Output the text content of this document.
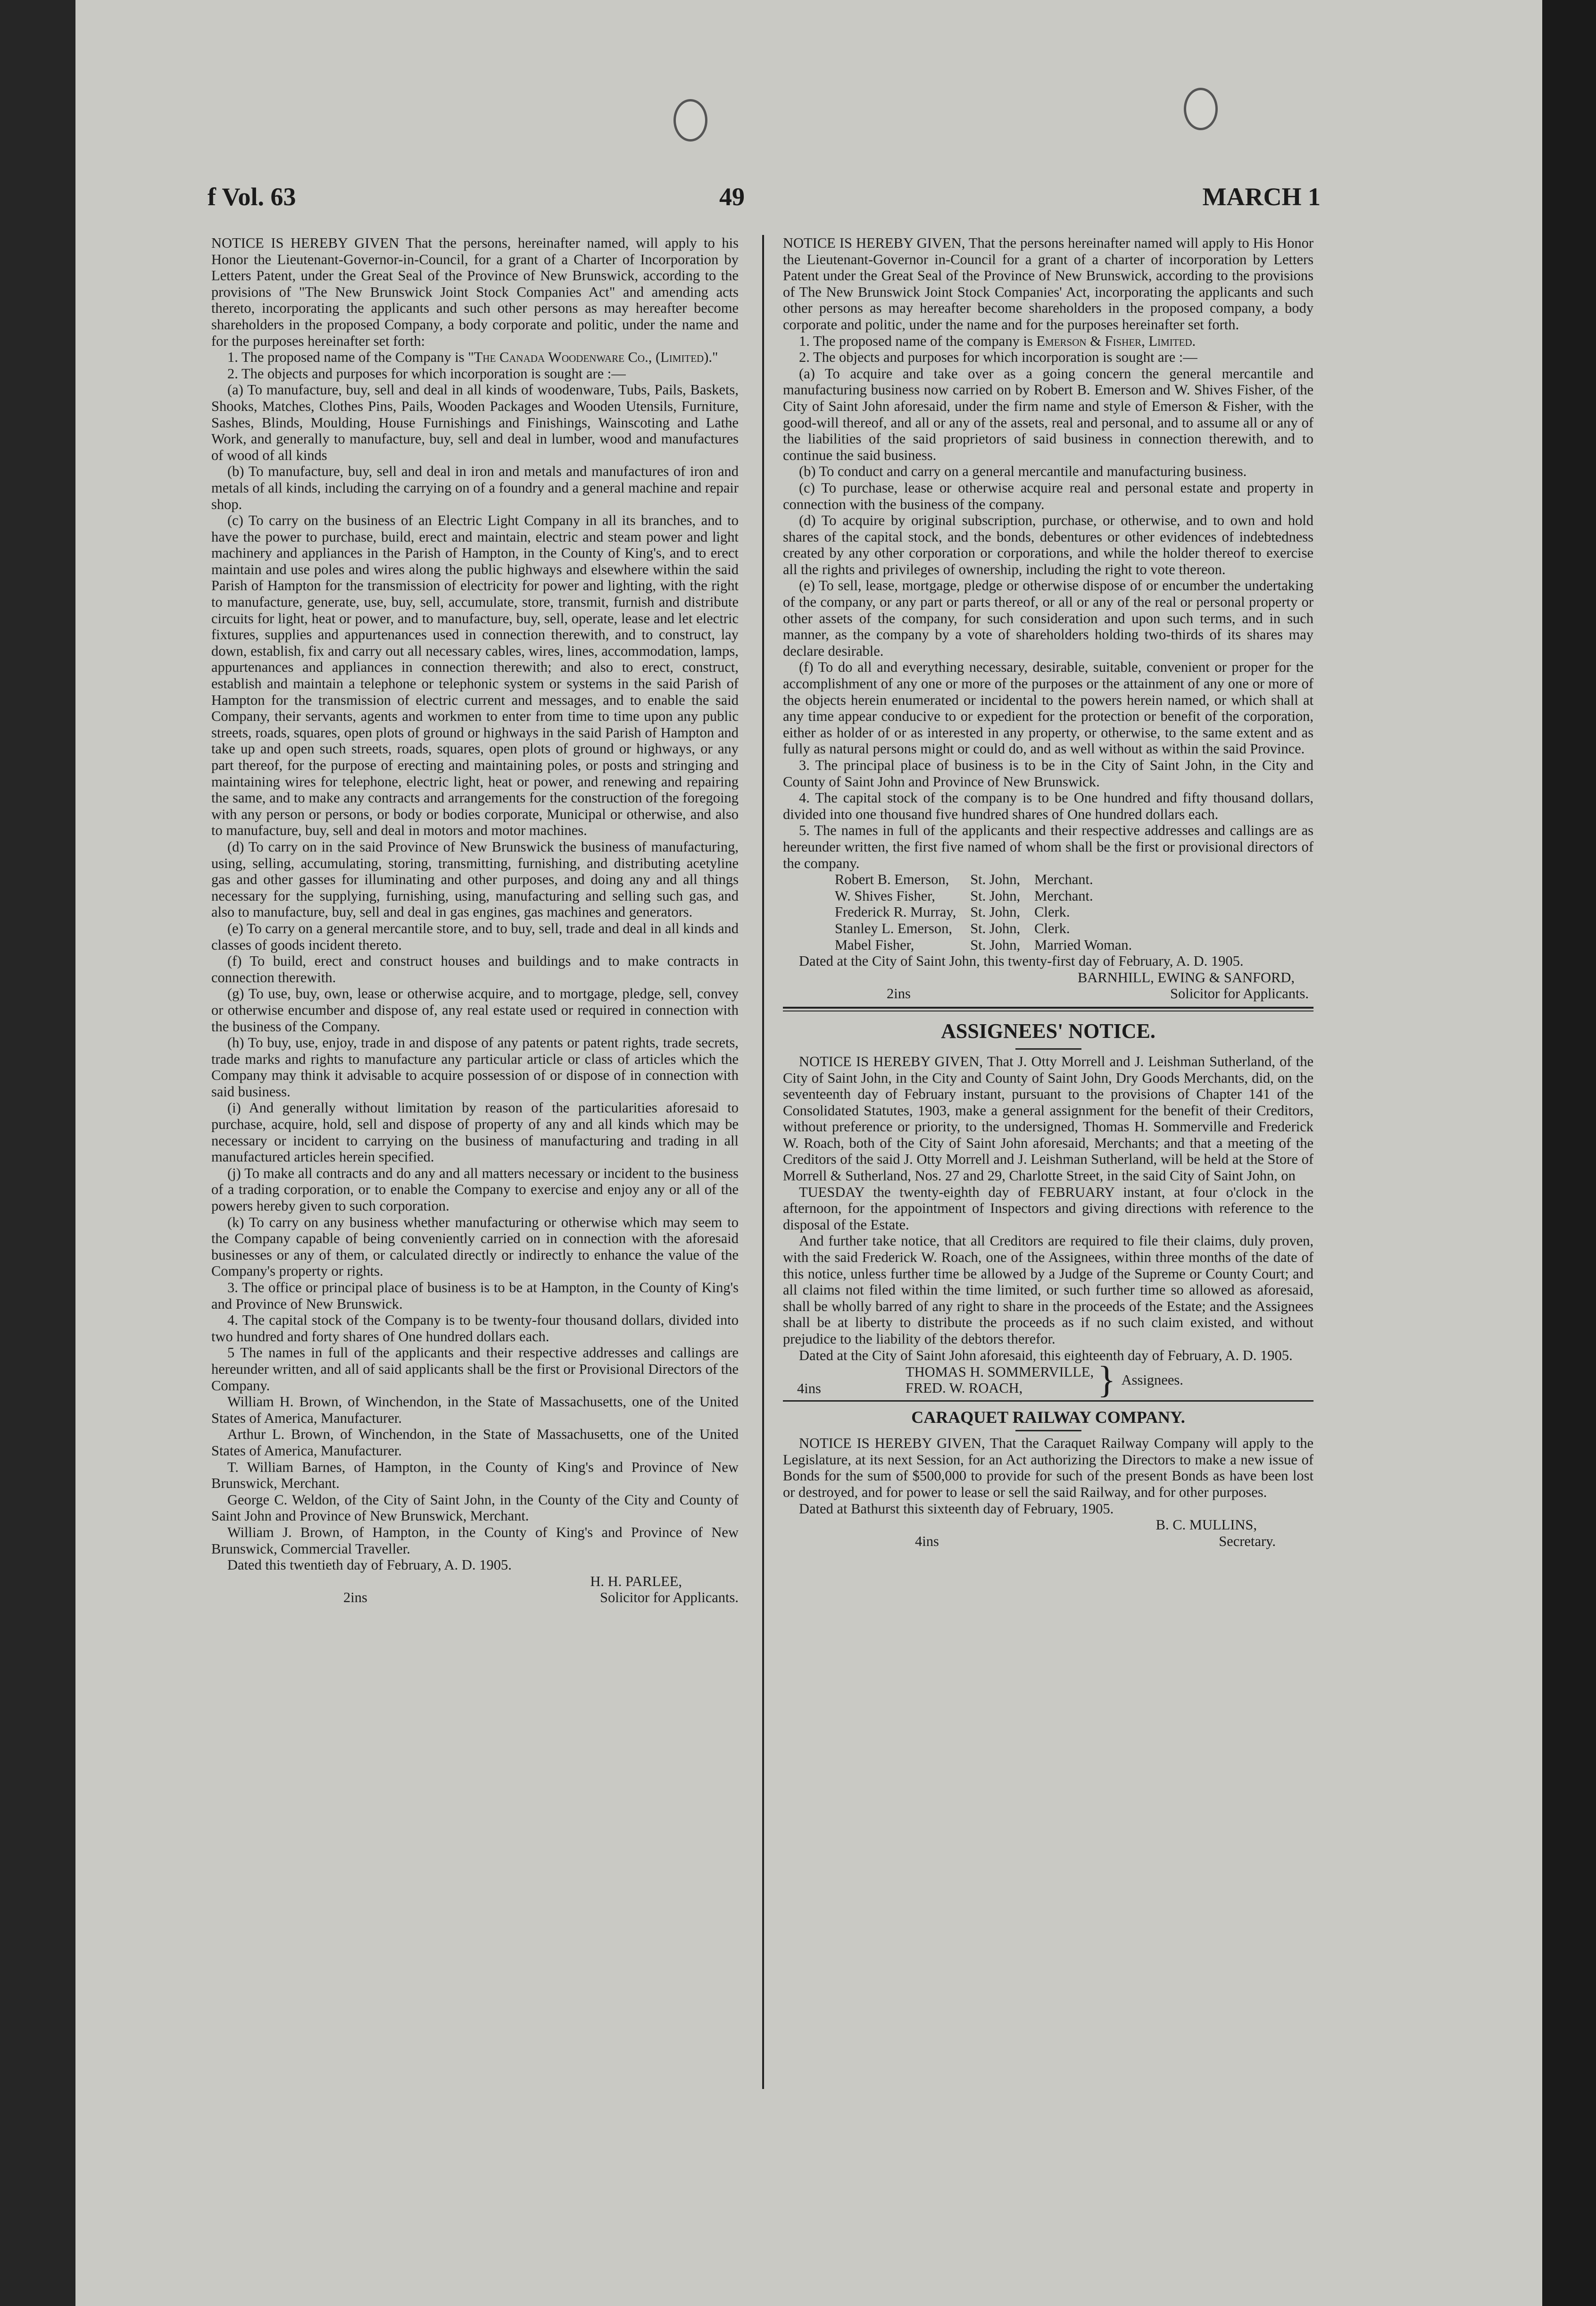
f Vol. 63	49	MARCH 1

NOTICE IS HEREBY GIVEN That the persons, hereinafter named, will apply to his Honor the Lieutenant-Governor-in-Council, for a grant of a Charter of Incorporation by Letters Patent, under the Great Seal of the Province of New Brunswick, according to the provisions of "The New Brunswick Joint Stock Companies Act" and amending acts thereto, incorporating the applicants and such other persons as may hereafter become shareholders in the proposed Company, a body corporate and politic, under the name and for the purposes hereinafter set forth:

1. The proposed name of the Company is "The Canada Woodenware Co., (Limited)."

2. The objects and purposes for which incorporation is sought are :—

(a) To manufacture, buy, sell and deal in all kinds of woodenware, Tubs, Pails, Baskets, Shooks, Matches, Clothes Pins, Pails, Wooden Packages and Wooden Utensils, Furniture, Sashes, Blinds, Moulding, House Furnishings and Finishings, Wainscoting and Lathe Work, and generally to manufacture, buy, sell and deal in lumber, wood and manufactures of wood of all kinds

(b) To manufacture, buy, sell and deal in iron and metals and manufactures of iron and metals of all kinds, including the carrying on of a foundry and a general machine and repair shop.

(c) To carry on the business of an Electric Light Company in all its branches, and to have the power to purchase, build, erect and maintain, electric and steam power and light machinery and appliances in the Parish of Hampton, in the County of King's, and to erect maintain and use poles and wires along the public highways and elsewhere within the said Parish of Hampton for the transmission of electricity for power and lighting, with the right to manufacture, generate, use, buy, sell, accumulate, store, transmit, furnish and distribute circuits for light, heat or power, and to manufacture, buy, sell, operate, lease and let electric fixtures, supplies and appurtenances used in connection therewith, and to construct, lay down, establish, fix and carry out all necessary cables, wires, lines, accommodation, lamps, appurtenances and appliances in connection therewith; and also to erect, construct, establish and maintain a telephone or telephonic system or systems in the said Parish of Hampton for the transmission of electric current and messages, and to enable the said Company, their servants, agents and workmen to enter from time to time upon any public streets, roads, squares, open plots of ground or highways in the said Parish of Hampton and take up and open such streets, roads, squares, open plots of ground or highways, or any part thereof, for the purpose of erecting and maintaining poles, or posts and stringing and maintaining wires for telephone, electric light, heat or power, and renewing and repairing the same, and to make any contracts and arrangements for the construction of the foregoing with any person or persons, or body or bodies corporate, Municipal or otherwise, and also to manufacture, buy, sell and deal in motors and motor machines.

(d) To carry on in the said Province of New Brunswick the business of manufacturing, using, selling, accumulating, storing, transmitting, furnishing, and distributing acetyline gas and other gasses for illuminating and other purposes, and doing any and all things necessary for the supplying, furnishing, using, manufacturing and selling such gas, and also to manufacture, buy, sell and deal in gas engines, gas machines and generators.

(e) To carry on a general mercantile store, and to buy, sell, trade and deal in all kinds and classes of goods incident thereto.

(f) To build, erect and construct houses and buildings and to make contracts in connection therewith.

(g) To use, buy, own, lease or otherwise acquire, and to mortgage, pledge, sell, convey or otherwise encumber and dispose of, any real estate used or required in connection with the business of the Company.

(h) To buy, use, enjoy, trade in and dispose of any patents or patent rights, trade secrets, trade marks and rights to manufacture any particular article or class of articles which the Company may think it advisable to acquire possession of or dispose of in connection with said business.

(i) And generally without limitation by reason of the particularities aforesaid to purchase, acquire, hold, sell and dispose of property of any and all kinds which may be necessary or incident to carrying on the business of manufacturing and trading in all manufactured articles herein specified.

(j) To make all contracts and do any and all matters necessary or incident to the business of a trading corporation, or to enable the Company to exercise and enjoy any or all of the powers hereby given to such corporation.

(k) To carry on any business whether manufacturing or otherwise which may seem to the Company capable of being conveniently carried on in connection with the aforesaid businesses or any of them, or calculated directly or indirectly to enhance the value of the Company's property or rights.

3. The office or principal place of business is to be at Hampton, in the County of King's and Province of New Brunswick.

4. The capital stock of the Company is to be twenty-four thousand dollars, divided into two hundred and forty shares of One hundred dollars each.

5 The names in full of the applicants and their respective addresses and callings are hereunder written, and all of said applicants shall be the first or Provisional Directors of the Company.

William H. Brown, of Winchendon, in the State of Massachusetts, one of the United States of America, Manufacturer.

Arthur L. Brown, of Winchendon, in the State of Massachusetts, one of the United States of America, Manufacturer.

T. William Barnes, of Hampton, in the County of King's and Province of New Brunswick, Merchant.

George C. Weldon, of the City of Saint John, in the County of the City and County of Saint John and Province of New Brunswick, Merchant.

William J. Brown, of Hampton, in the County of King's and Province of New Brunswick, Commercial Traveller.

Dated this twentieth day of February, A. D. 1905.

H. H. PARLEE,

2ins	Solicitor for Applicants.

NOTICE IS HEREBY GIVEN, That the persons hereinafter named will apply to His Honor the Lieutenant-Governor in-Council for a grant of a charter of incorporation by Letters Patent under the Great Seal of the Province of New Brunswick, according to the provisions of The New Brunswick Joint Stock Companies' Act, incorporating the applicants and such other persons as may hereafter become shareholders in the proposed company, a body corporate and politic, under the name and for the purposes hereinafter set forth.

1. The proposed name of the company is Emerson & Fisher, Limited.

2. The objects and purposes for which incorporation is sought are :—

(a) To acquire and take over as a going concern the general mercantile and manufacturing business now carried on by Robert B. Emerson and W. Shives Fisher, of the City of Saint John aforesaid, under the firm name and style of Emerson & Fisher, with the good-will thereof, and all or any of the assets, real and personal, and to assume all or any of the liabilities of the said proprietors of said business in connection therewith, and to continue the said business.

(b) To conduct and carry on a general mercantile and manufacturing business.

(c) To purchase, lease or otherwise acquire real and personal estate and property in connection with the business of the company.

(d) To acquire by original subscription, purchase, or otherwise, and to own and hold shares of the capital stock, and the bonds, debentures or other evidences of indebtedness created by any other corporation or corporations, and while the holder thereof to exercise all the rights and privileges of ownership, including the right to vote thereon.

(e) To sell, lease, mortgage, pledge or otherwise dispose of or encumber the undertaking of the company, or any part or parts thereof, or all or any of the real or personal property or other assets of the company, for such consideration and upon such terms, and in such manner, as the company by a vote of shareholders holding two-thirds of its shares may declare desirable.

(f) To do all and everything necessary, desirable, suitable, convenient or proper for the accomplishment of any one or more of the purposes or the attainment of any one or more of the objects herein enumerated or incidental to the powers herein named, or which shall at any time appear conducive to or expedient for the protection or benefit of the corporation, either as holder of or as interested in any property, or otherwise, to the same extent and as fully as natural persons might or could do, and as well without as within the said Province.

3. The principal place of business is to be in the City of Saint John, in the City and County of Saint John and Province of New Brunswick.

4. The capital stock of the company is to be One hundred and fifty thousand dollars, divided into one thousand five hundred shares of One hundred dollars each.

5. The names in full of the applicants and their respective addresses and callings are as hereunder written, the first five named of whom shall be the first or provisional directors of the company.

Robert B. Emerson,	St. John,	Merchant.
W. Shives Fisher,	St. John,	Merchant.
Frederick R. Murray,	St. John,	Clerk.
Stanley L. Emerson,	St. John,	Clerk.
Mabel Fisher,	St. John,	Married Woman.

Dated at the City of Saint John, this twenty-first day of February, A. D. 1905.

BARNHILL, EWING & SANFORD,

2ins	Solicitor for Applicants.
ASSIGNEES' NOTICE.

NOTICE IS HEREBY GIVEN, That J. Otty Morrell and J. Leishman Sutherland, of the City of Saint John, in the City and County of Saint John, Dry Goods Merchants, did, on the seventeenth day of February instant, pursuant to the provisions of Chapter 141 of the Consolidated Statutes, 1903, make a general assignment for the benefit of their Creditors, without preference or priority, to the undersigned, Thomas H. Sommerville and Frederick W. Roach, both of the City of Saint John aforesaid, Merchants; and that a meeting of the Creditors of the said J. Otty Morrell and J. Leishman Sutherland, will be held at the Store of Morrell & Sutherland, Nos. 27 and 29, Charlotte Street, in the said City of Saint John, on

TUESDAY the twenty-eighth day of FEBRUARY instant, at four o'clock in the afternoon, for the appointment of Inspectors and giving directions with reference to the disposal of the Estate.

And further take notice, that all Creditors are required to file their claims, duly proven, with the said Frederick W. Roach, one of the Assignees, within three months of the date of this notice, unless further time be allowed by a Judge of the Supreme or County Court; and all claims not filed within the time limited, or such further time so allowed as aforesaid, shall be wholly barred of any right to share in the proceeds of the Estate; and the Assignees shall be at liberty to distribute the proceeds as if no such claim existed, and without prejudice to the liability of the debtors therefor.

Dated at the City of Saint John aforesaid, this eighteenth day of February, A. D. 1905.

4ins
THOMAS H. SOMMERVILLE,
FRED. W. ROACH,	} Assignees.
CARAQUET RAILWAY COMPANY.

NOTICE IS HEREBY GIVEN, That the Caraquet Railway Company will apply to the Legislature, at its next Session, for an Act authorizing the Directors to make a new issue of Bonds for the sum of $500,000 to provide for such of the present Bonds as have been lost or destroyed, and for power to lease or sell the said Railway, and for other purposes.

Dated at Bathurst this sixteenth day of February, 1905.

B. C. MULLINS,

4ins	Secretary.
